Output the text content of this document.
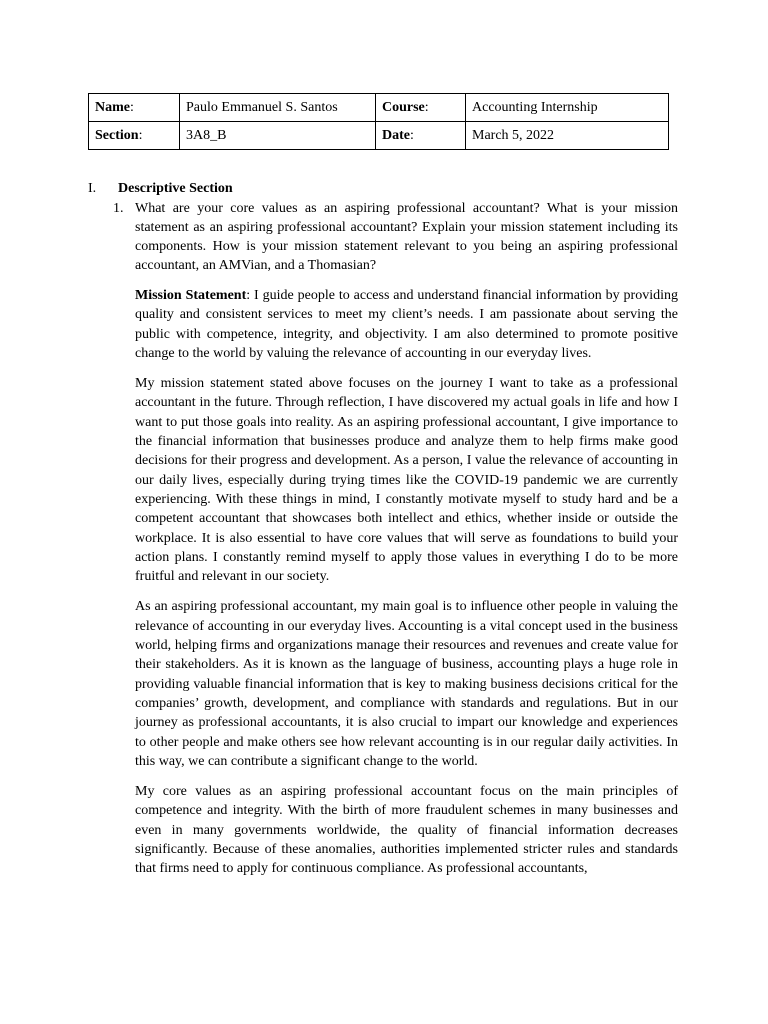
Name:	Paulo Emmanuel S. Santos	Course:	Accounting Internship
Section:	3A8_B	Date:	March 5, 2022
I. Descriptive Section
1. What are your core values as an aspiring professional accountant? What is your mission statement as an aspiring professional accountant? Explain your mission statement including its components. How is your mission statement relevant to you being an aspiring professional accountant, an AMVian, and a Thomasian?

Mission Statement: I guide people to access and understand financial information by providing quality and consistent services to meet my client’s needs. I am passionate about serving the public with competence, integrity, and objectivity. I am also determined to promote positive change to the world by valuing the relevance of accounting in our everyday lives.

My mission statement stated above focuses on the journey I want to take as a professional accountant in the future. Through reflection, I have discovered my actual goals in life and how I want to put those goals into reality. As an aspiring professional accountant, I give importance to the financial information that businesses produce and analyze them to help firms make good decisions for their progress and development. As a person, I value the relevance of accounting in our daily lives, especially during trying times like the COVID-19 pandemic we are currently experiencing. With these things in mind, I constantly motivate myself to study hard and be a competent accountant that showcases both intellect and ethics, whether inside or outside the workplace. It is also essential to have core values that will serve as foundations to build your action plans. I constantly remind myself to apply those values in everything I do to be more fruitful and relevant in our society.

As an aspiring professional accountant, my main goal is to influence other people in valuing the relevance of accounting in our everyday lives. Accounting is a vital concept used in the business world, helping firms and organizations manage their resources and revenues and create value for their stakeholders. As it is known as the language of business, accounting plays a huge role in providing valuable financial information that is key to making business decisions critical for the companies’ growth, development, and compliance with standards and regulations. But in our journey as professional accountants, it is also crucial to impart our knowledge and experiences to other people and make others see how relevant accounting is in our regular daily activities. In this way, we can contribute a significant change to the world.

My core values as an aspiring professional accountant focus on the main principles of competence and integrity. With the birth of more fraudulent schemes in many businesses and even in many governments worldwide, the quality of financial information decreases significantly. Because of these anomalies, authorities implemented stricter rules and standards that firms need to apply for continuous compliance. As professional accountants,
